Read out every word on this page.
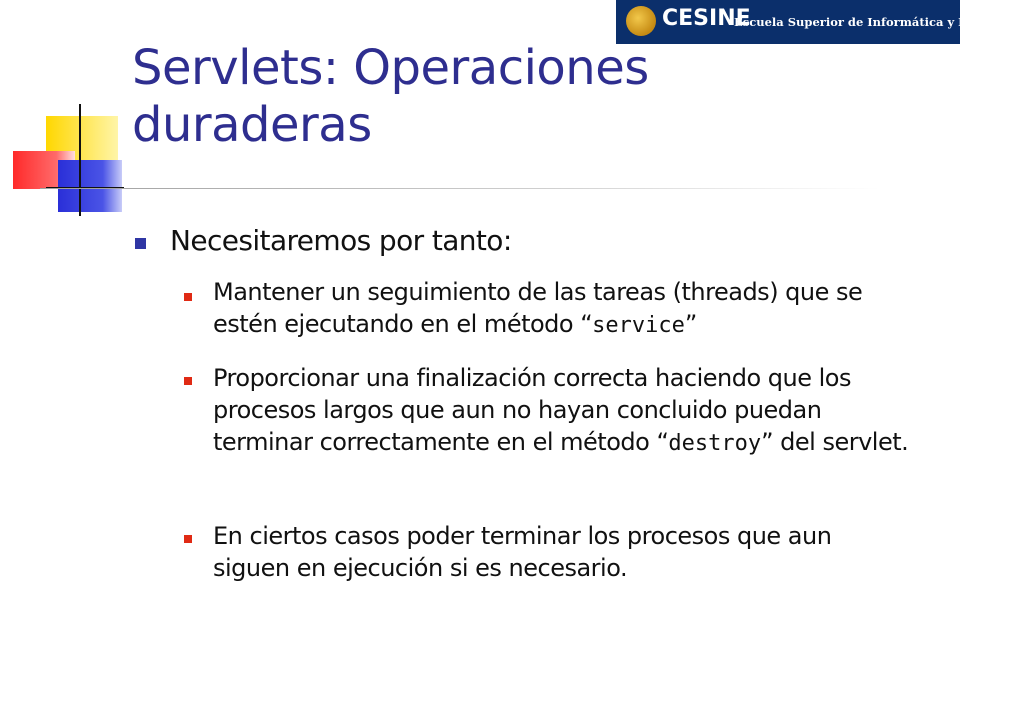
CESINE
Escuela Superior de Informática y Negocios
Servlets: Operaciones
duraderas

Necesitaremos por tanto:

Mantener un seguimiento de las tareas (threads) que se estén ejecutando en el método “service”

Proporcionar una finalización correcta haciendo que los procesos largos que aun no hayan concluido puedan terminar correctamente en el método “destroy” del servlet.

En ciertos casos poder terminar los procesos que aun siguen en ejecución si es necesario.
